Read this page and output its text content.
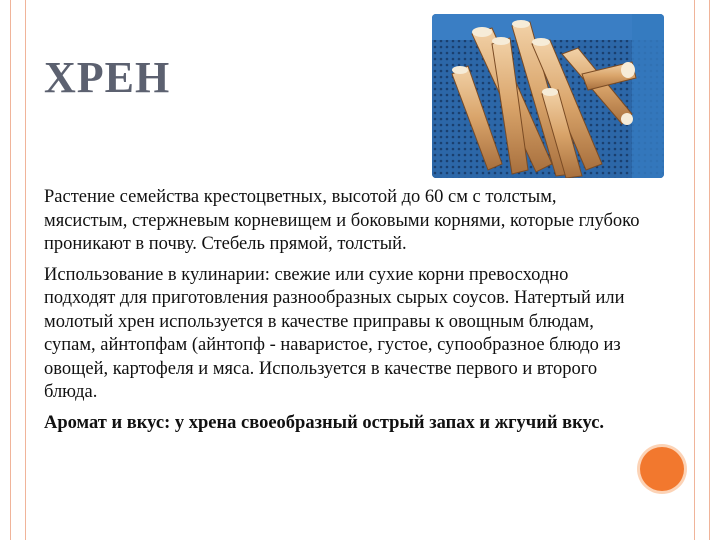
ХРЕН

Растение семейства крестоцветных, высотой до 60 см с толстым, мясистым, стержневым корневищем и боковыми корнями, которые глубоко проникают в почву. Стебель прямой, толстый.

Использование в кулинарии: свежие или сухие корни превосходно подходят для приготовления разнообразных сырых соусов. Натертый или молотый хрен используется в качестве приправы к овощным блюдам, супам, айнтопфам (айнтопф - наваристое, густое, супообразное блюдо из овощей, картофеля и мяса. Используется в качестве первого и второго блюда.

Аромат и вкус: у хрена своеобразный острый запах и жгучий вкус.
